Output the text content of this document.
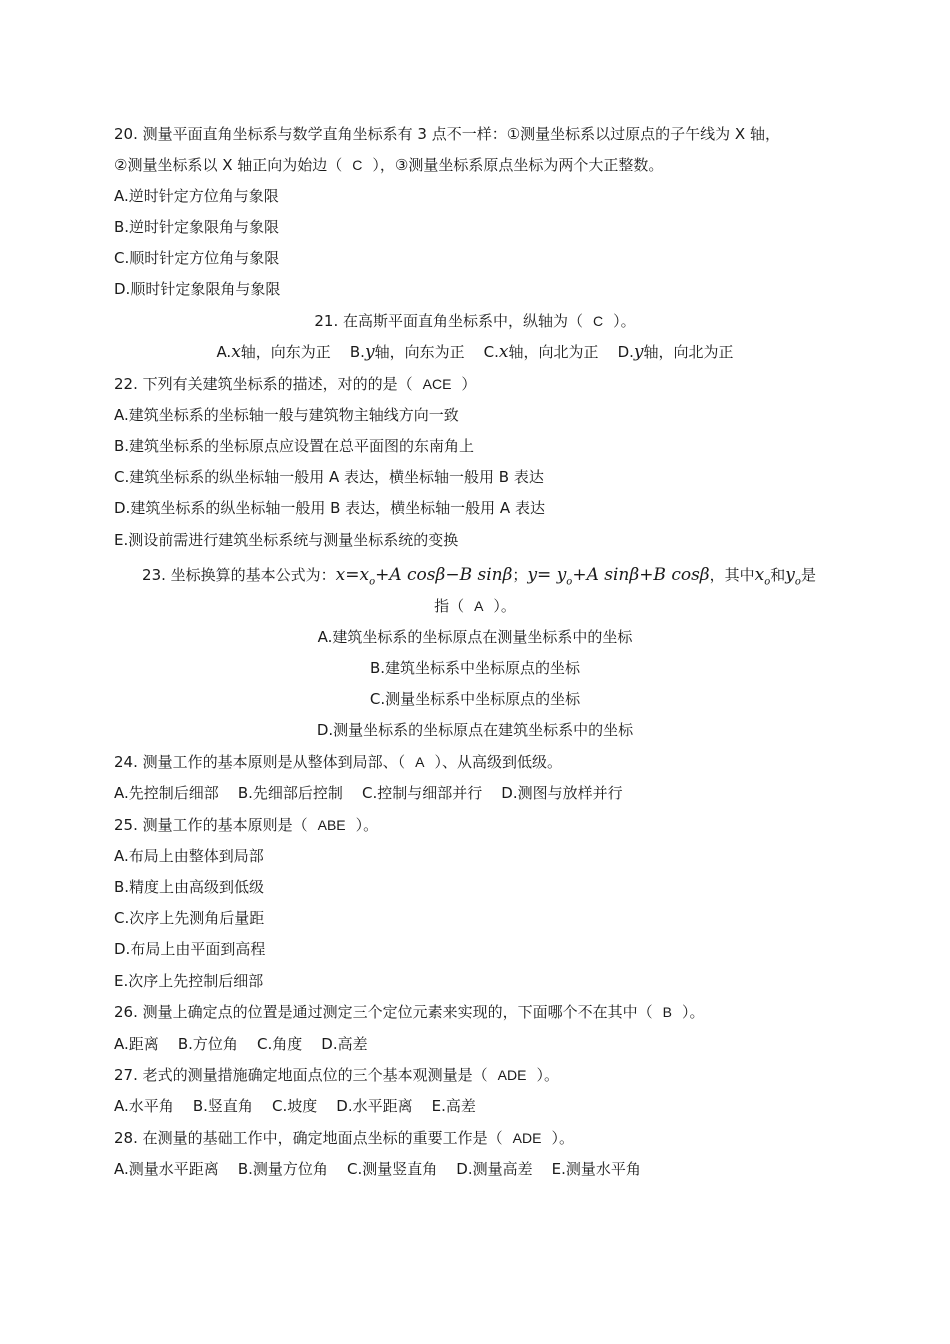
20. 测量平面直角坐标系与数学直角坐标系有 3 点不一样：①测量坐标系以过原点的子午线为 X 轴，
②测量坐标系以 X 轴正向为始边（ C ），③测量坐标系原点坐标为两个大正整数。
A.逆时针定方位角与象限
B.逆时针定象限角与象限
C.顺时针定方位角与象限
D.顺时针定象限角与象限
21. 在高斯平面直角坐标系中，纵轴为（ C ）。
A.x轴，向东为正 B.y轴，向东为正 C.x轴，向北为正 D.y轴，向北为正
22. 下列有关建筑坐标系的描述，对的的是（ ACE ）
A.建筑坐标系的坐标轴一般与建筑物主轴线方向一致
B.建筑坐标系的坐标原点应设置在总平面图的东南角上
C.建筑坐标系的纵坐标轴一般用 A 表达，横坐标轴一般用 B 表达
D.建筑坐标系的纵坐标轴一般用 B 表达，横坐标轴一般用 A 表达
E.测设前需进行建筑坐标系统与测量坐标系统的变换
23. 坐标换算的基本公式为：$x=x_o+A$ cosβ−B sinβ；$y= y_o+A$ sinβ+B cosβ，其中$x_o$和$y_o$是
指（ A ）。
A.建筑坐标系的坐标原点在测量坐标系中的坐标
B.建筑坐标系中坐标原点的坐标
C.测量坐标系中坐标原点的坐标
D.测量坐标系的坐标原点在建筑坐标系中的坐标
24. 测量工作的基本原则是从整体到局部、（ A ）、从高级到低级。
A.先控制后细部    B.先细部后控制    C.控制与细部并行    D.测图与放样并行
25. 测量工作的基本原则是（ ABE ）。
A.布局上由整体到局部
B.精度上由高级到低级
C.次序上先测角后量距
D.布局上由平面到高程
E.次序上先控制后细部
26. 测量上确定点的位置是通过测定三个定位元素来实现的，下面哪个不在其中（ B ）。
A.距离    B.方位角    C.角度    D.高差
27. 老式的测量措施确定地面点位的三个基本观测量是（ ADE ）。
A.水平角    B.竖直角    C.坡度    D.水平距离    E.高差
28. 在测量的基础工作中，确定地面点坐标的重要工作是（ ADE ）。
A.测量水平距离    B.测量方位角    C.测量竖直角    D.测量高差    E.测量水平角
